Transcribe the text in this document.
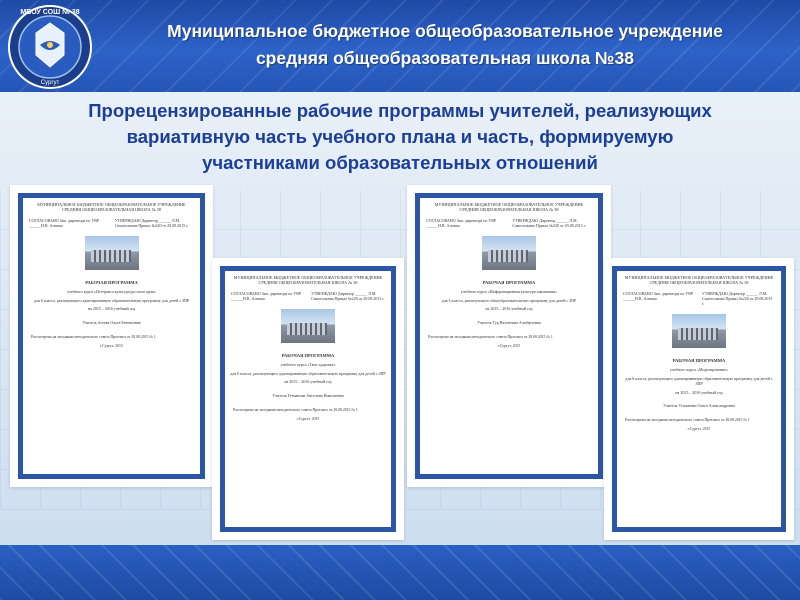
МБОУ СОШ № 38
Сургут
Муниципальное бюджетное общеобразовательное учреждение
средняя общеобразовательная школа №38
Прорецензированные рабочие программы учителей, реализующих
вариативную часть учебного плана и часть, формируемую
участниками образовательных отношений
МУНИЦИПАЛЬНОЕ БЮДЖЕТНОЕ ОБЩЕОБРАЗОВАТЕЛЬНОЕ УЧРЕЖДЕНИЕ СРЕДНЯЯ ОБЩЕОБРАЗОВАТЕЛЬНАЯ ШКОЛА № 38
СОГЛАСОВАНО Зам. директора по УВР ______Н.В. Алешко
УТВЕРЖДАЮ Директор ______ Л.М. Самотолкина Приказ №220 от 29.08.2015 г.
РАБОЧАЯ ПРОГРАММА
учебного курса «История и культура русского края»
для 6 класса, реализующего адаптированную образовательную программу для детей с ЗПР
на 2015 – 2016 учебный год
Учитель Агеева Ольга Евгеньевна
Рассмотрено на заседании методического совета Протокол от 28.08.2015 № 1
г.Сургут, 2015
МУНИЦИПАЛЬНОЕ БЮДЖЕТНОЕ ОБЩЕОБРАЗОВАТЕЛЬНОЕ УЧРЕЖДЕНИЕ СРЕДНЯЯ ОБЩЕОБРАЗОВАТЕЛЬНАЯ ШКОЛА № 38
СОГЛАСОВАНО Зам. директора по УВР ______Н.В. Алешко
УТВЕРЖДАЮ Директор ______ Л.М. Самотолкина Приказ №220 от 29.08.2015 г.
РАБОЧАЯ ПРОГРАММА
учебного курса «Твое здоровье»
для 6 класса, реализующего адаптированную образовательную программу для детей с ЗПР
на 2015 – 2016 учебный год
Учитель Гетманова Ангелина Николаевна
Рассмотрено на заседании методического совета Протокол от 28.08.2015 № 1
г.Сургут, 2015
МУНИЦИПАЛЬНОЕ БЮДЖЕТНОЕ ОБЩЕОБРАЗОВАТЕЛЬНОЕ УЧРЕЖДЕНИЕ СРЕДНЯЯ ОБЩЕОБРАЗОВАТЕЛЬНАЯ ШКОЛА № 38
СОГЛАСОВАНО Зам. директора по УВР ______Н.В. Алешко
УТВЕРЖДАЮ Директор ______ Л.М. Самотолкина Приказ №220 от 29.08.2015 г.
РАБОЧАЯ ПРОГРАММА
учебного курса «Информационная культура школьника»
для 5 класса, реализующего общеобразовательную программу для детей с ЗПР
на 2015 – 2016 учебный год
Учитель Тур Валентина Альбертовна
Рассмотрено на заседании методического совета Протокол от 28.08.2015 № 1
г.Сургут, 2015
МУНИЦИПАЛЬНОЕ БЮДЖЕТНОЕ ОБЩЕОБРАЗОВАТЕЛЬНОЕ УЧРЕЖДЕНИЕ СРЕДНЯЯ ОБЩЕОБРАЗОВАТЕЛЬНАЯ ШКОЛА № 38
СОГЛАСОВАНО Зам. директора по УВР ______Н.В. Алешко
УТВЕРЖДАЮ Директор ______ Л.М. Самотолкина Приказ №220 от 29.08.2015 г.
РАБОЧАЯ ПРОГРАММА
учебного курса «Моделирование»
для 6 класса, реализующего адаптированную образовательную программу для детей с ЗПР
на 2015 – 2016 учебный год
Учитель Устименко Ольга Александровна
Рассмотрено на заседании методического совета Протокол от 28.08.2015 № 1
г.Сургут, 2015
